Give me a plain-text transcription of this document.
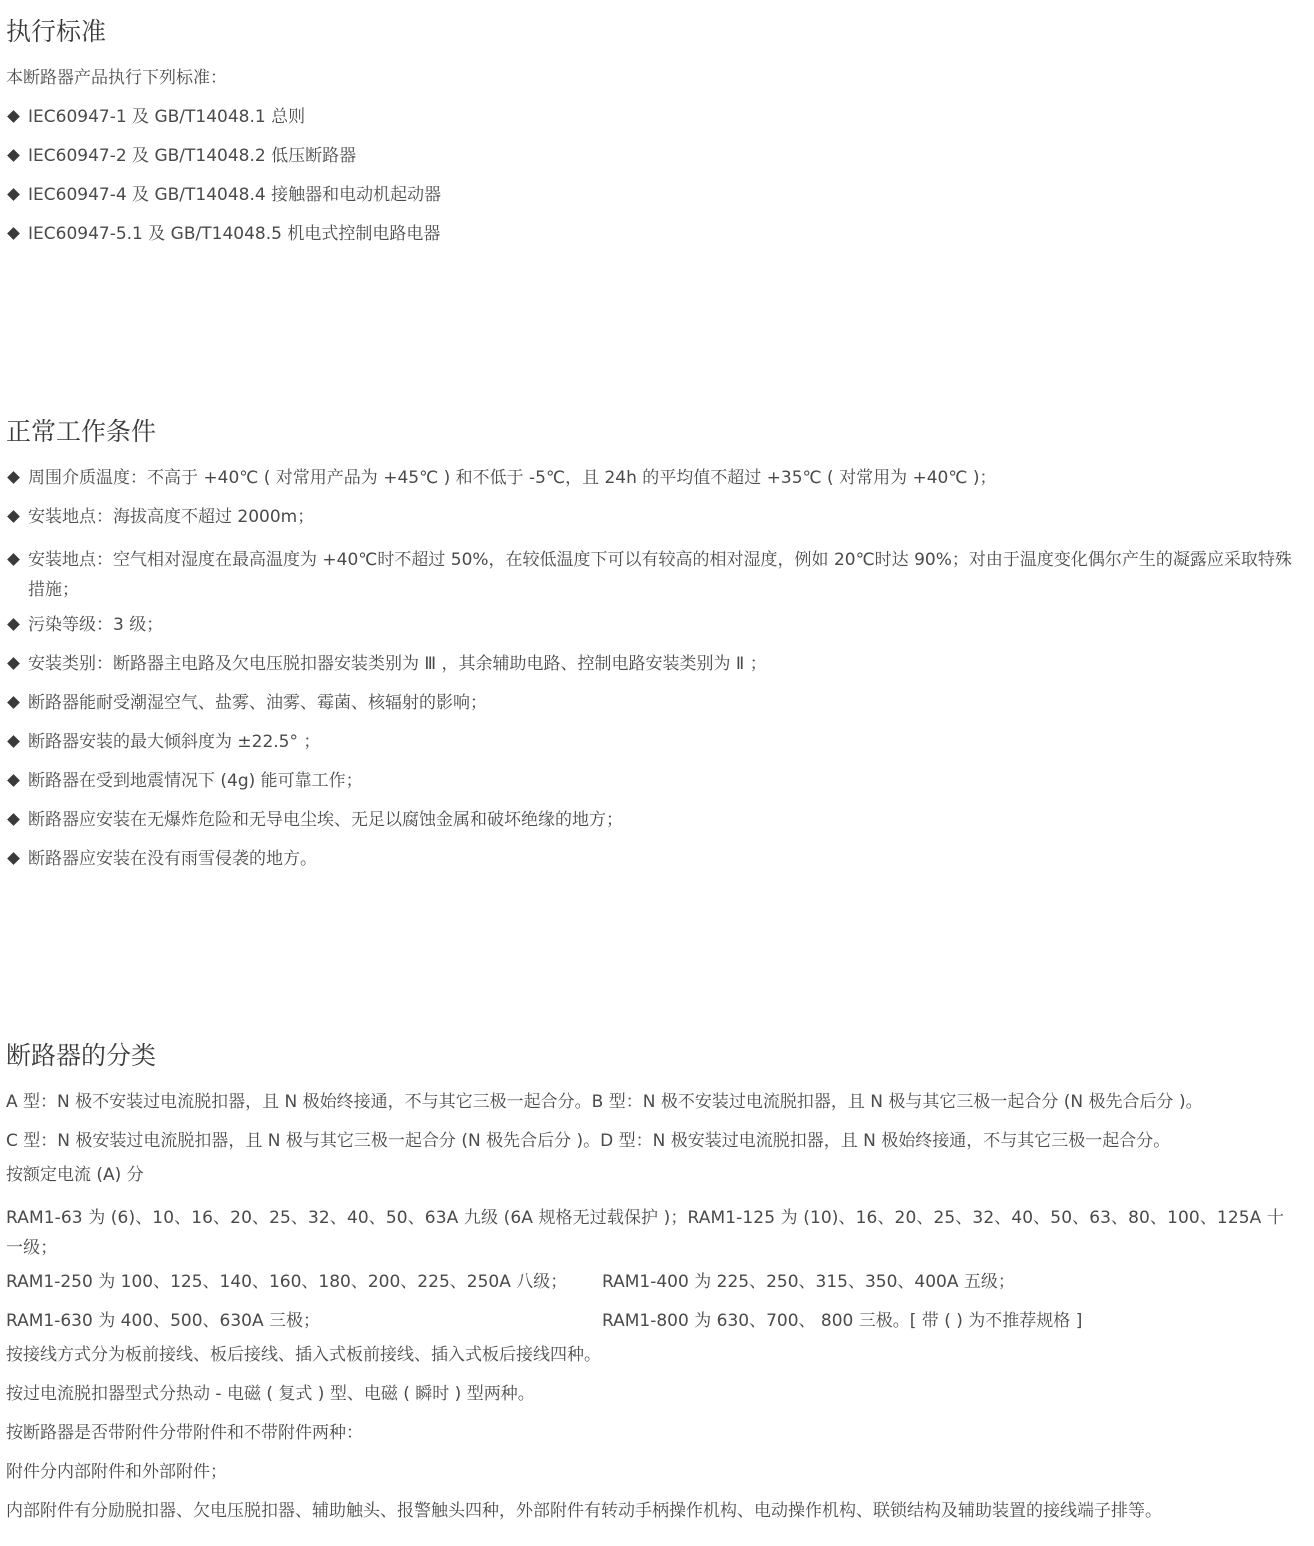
执行标准

本断路器产品执行下列标准：

IEC60947-1 及 GB/T14048.1 总则
IEC60947-2 及 GB/T14048.2 低压断路器
IEC60947-4 及 GB/T14048.4 接触器和电动机起动器
IEC60947-5.1 及 GB/T14048.5 机电式控制电路电器
正常工作条件
周围介质温度：不高于 +40℃ ( 对常用产品为 +45℃ ) 和不低于 -5℃，且 24h 的平均值不超过 +35℃ ( 对常用为 +40℃ )；
安装地点：海拔高度不超过 2000m；
安装地点：空气相对湿度在最高温度为 +40℃时不超过 50%，在较低温度下可以有较高的相对湿度，例如 20℃时达 90%；对由于温度变化偶尔产生的凝露应采取特殊措施；
污染等级：3 级；
安装类别：断路器主电路及欠电压脱扣器安装类别为 Ⅲ ，其余辅助电路、控制电路安装类别为 Ⅱ ；
断路器能耐受潮湿空气、盐雾、油雾、霉菌、核辐射的影响；
断路器安装的最大倾斜度为 ±22.5° ；
断路器在受到地震情况下 (4g) 能可靠工作；
断路器应安装在无爆炸危险和无导电尘埃、无足以腐蚀金属和破坏绝缘的地方；
断路器应安装在没有雨雪侵袭的地方。
断路器的分类

A 型：N 极不安装过电流脱扣器，且 N 极始终接通，不与其它三极一起合分。B 型：N 极不安装过电流脱扣器，且 N 极与其它三极一起合分 (N 极先合后分 )。

C 型：N 极安装过电流脱扣器，且 N 极与其它三极一起合分 (N 极先合后分 )。D 型：N 极安装过电流脱扣器，且 N 极始终接通，不与其它三极一起合分。

按额定电流 (A) 分

RAM1-63 为 (6)、10、16、20、25、32、40、50、63A 九级 (6A 规格无过载保护 )；RAM1-125 为 (10)、16、20、25、32、40、50、63、80、100、125A 十一级；

RAM1-250 为 100、125、140、160、180、200、225、250A 八级； RAM1-400 为 225、250、315、350、400A 五级；
RAM1-630 为 400、500、630A 三极；	RAM1-800 为 630、700、 800 三极。[ 带 ( ) 为不推荐规格 ]

按接线方式分为板前接线、板后接线、插入式板前接线、插入式板后接线四种。

按过电流脱扣器型式分热动 - 电磁 ( 复式 ) 型、电磁 ( 瞬时 ) 型两种。

按断路器是否带附件分带附件和不带附件两种：

附件分内部附件和外部附件；

内部附件有分励脱扣器、欠电压脱扣器、辅助触头、报警触头四种，外部附件有转动手柄操作机构、电动操作机构、联锁结构及辅助装置的接线端子排等。
